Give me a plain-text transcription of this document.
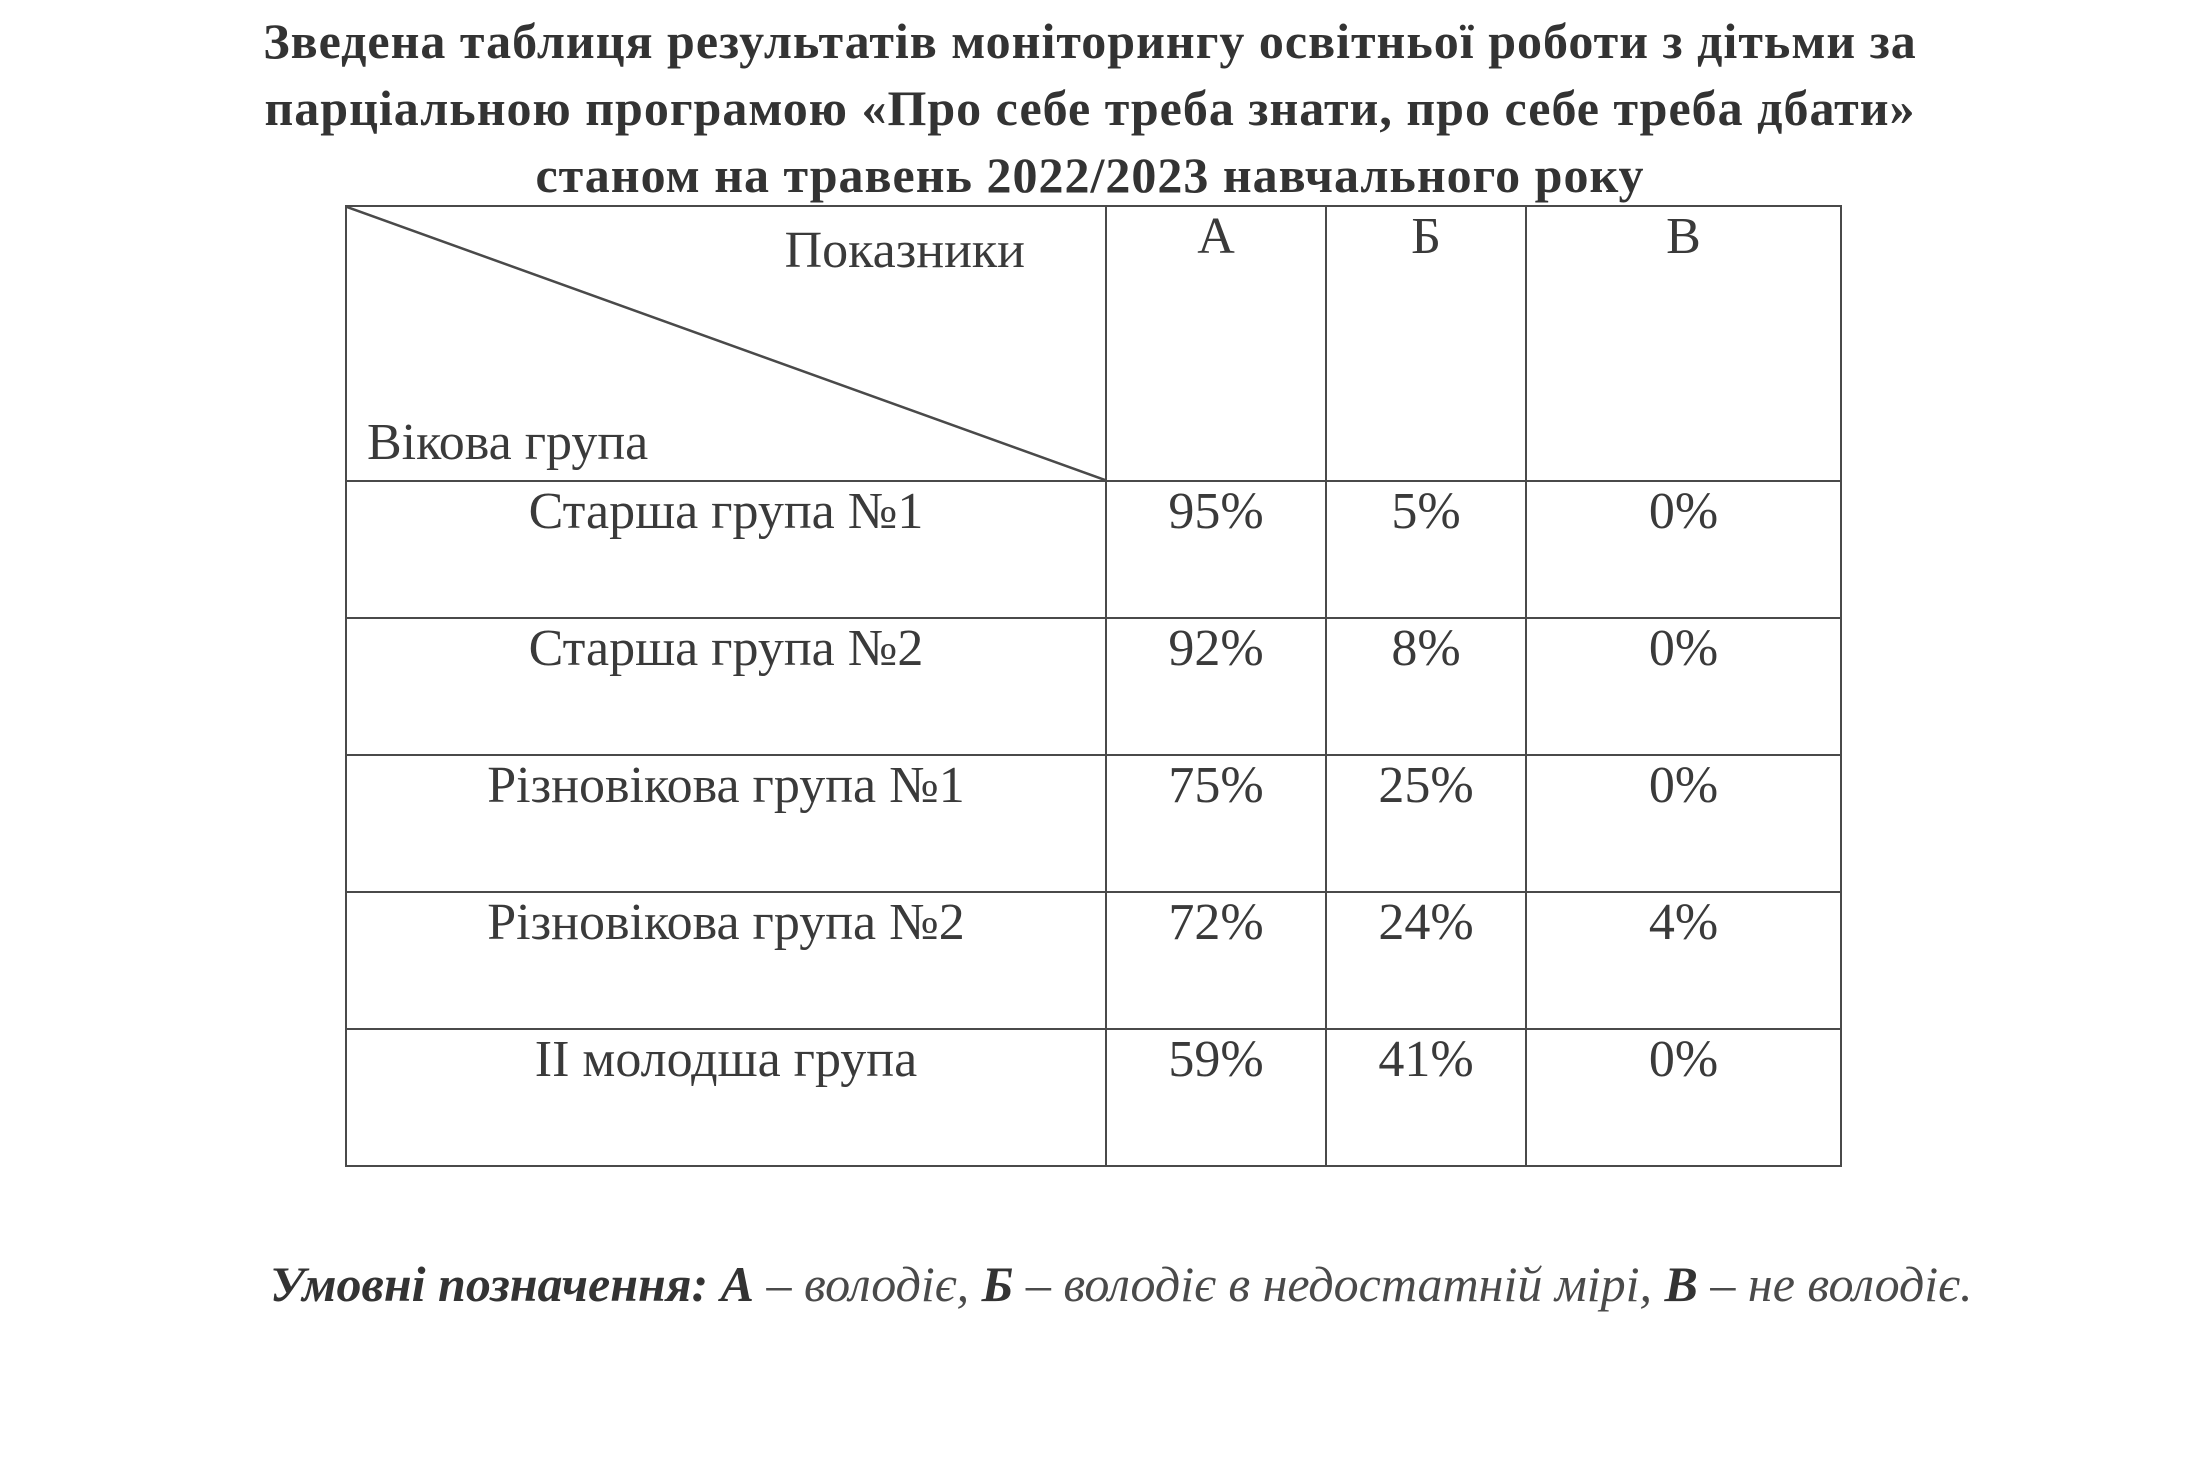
Зведена таблиця результатів моніторингу освітньої роботи з дітьми за
парціальною програмою «Про себе треба знати, про себе треба дбати»
станом на травень 2022/2023 навчального року
Показники
Вікова група	А	Б	В
Старша група №1	95%	5%	0%
Старша група №2	92%	8%	0%
Різновікова група №1	75%	25%	0%
Різновікова група №2	72%	24%	4%
ІІ молодша група	59%	41%	0%
Умовні позначення: А – володіє, Б – володіє в недостатній мірі, В – не володіє.
